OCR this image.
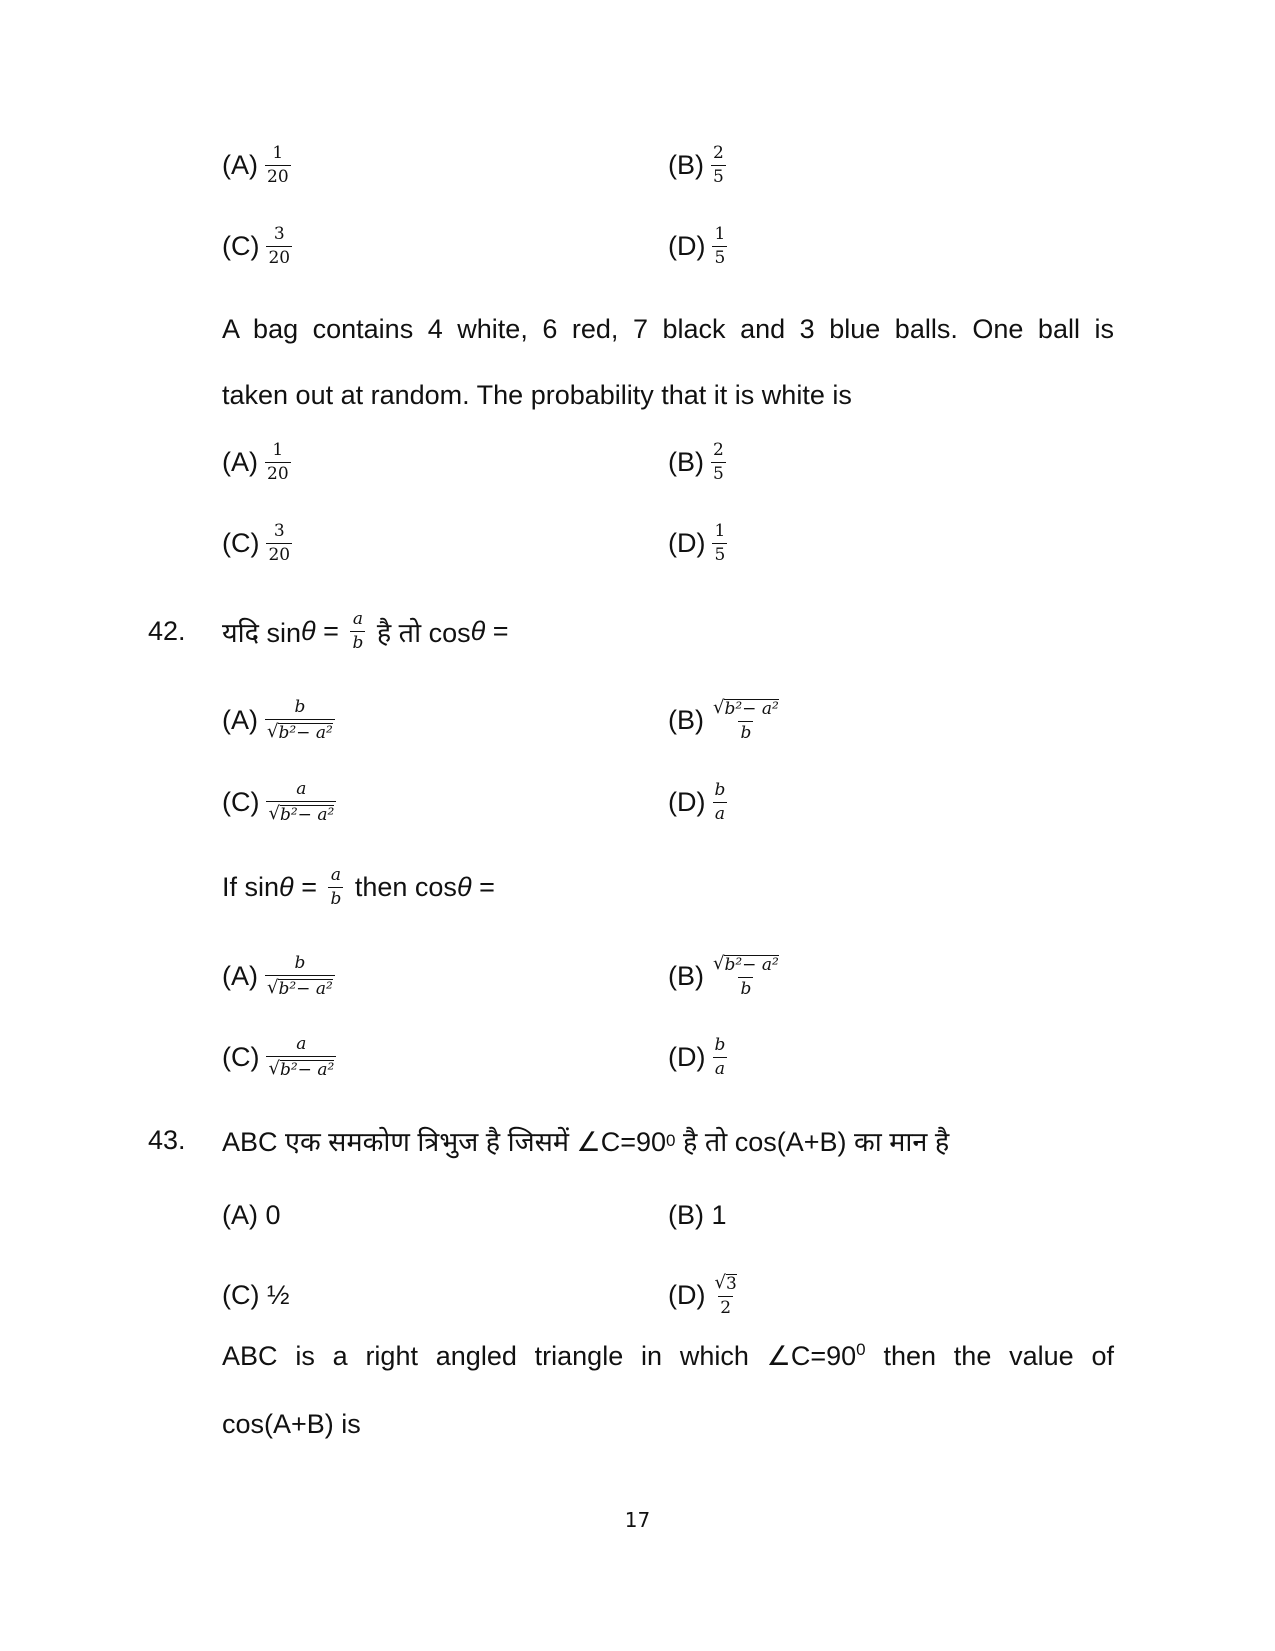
$(A) \frac{1}{20}$	$(B) \frac{2}{5}$
$(C) \frac{3}{20}$	$(D) \frac{1}{5}$
A bag contains 4 white, 6 red, 7 black and 3 blue balls. One ball is
taken out at random. The probability that it is white is
$(A) \frac{1}{20}$	$(B) \frac{2}{5}$
$(C) \frac{3}{20}$	$(D) \frac{1}{5}$
42. यदि $\sin \theta = \frac{a}{b}$ है तो cos θ =
$(A) \frac{b}{\text{√ b²− a²}}$	$(B) \frac{\text{√ b²− a²}}{b}$
$(C) \frac{a}{\text{√ b²− a²}}$	$(D) \frac{b}{a}$
If $\sin \theta = \frac{a}{b}$ then cos θ =
$(A) \frac{b}{\text{√ b²− a²}}$	$(B) \frac{\text{√ b²− a²}}{b}$
$(C) \frac{a}{\text{√ b²− a²}}$	$(D) \frac{b}{a}$
43. ABC एक समकोण त्रिभुज है जिसमें ∠C=90 0 है तो cos(A+B) का मान है
(A) 0	(B) 1
(C) ½	$(D) \frac{√ 3}{2}$
ABC is a right angled triangle in which $\angle C=90^0$ then the value of
cos(A+B) is
17
